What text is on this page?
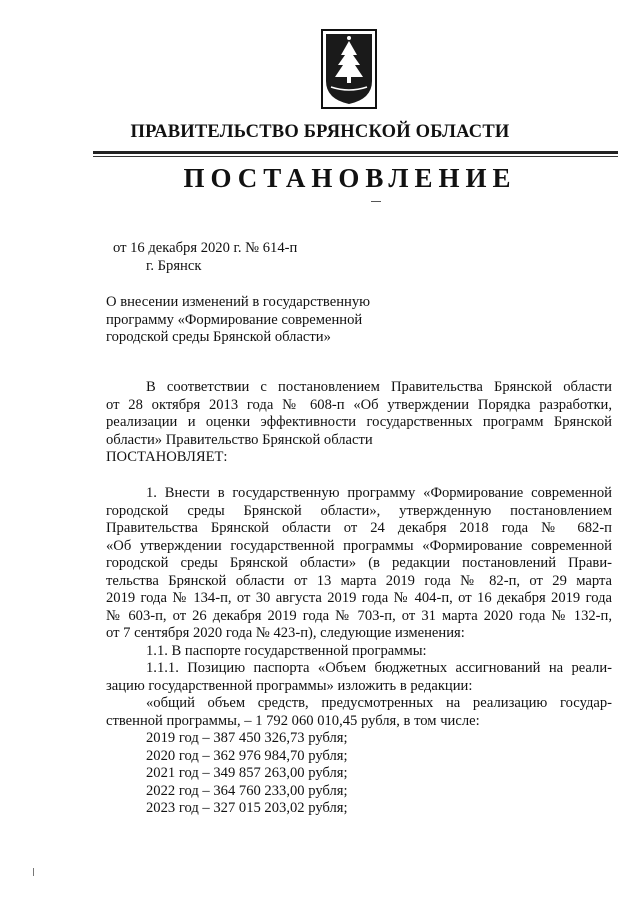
ПРАВИТЕЛЬСТВО БРЯНСКОЙ ОБЛАСТИ
ПОСТАНОВЛЕНИЕ
от 16 декабря 2020 г. № 614-п
г. Брянск
О внесении изменений в государственную
программу «Формирование современной
городской среды Брянской области»
В соответствии с постановлением Правительства Брянской области
от 28 октября 2013 года № 608-п «Об утверждении Порядка разработки,
реализации и оценки эффективности государственных программ Брянской
области» Правительство Брянской области
ПОСТАНОВЛЯЕТ:
1. Внести в государственную программу «Формирование современной
городской среды Брянской области», утвержденную постановлением
Правительства Брянской области от 24 декабря 2018 года № 682-п
«Об утверждении государственной программы «Формирование современной
городской среды Брянской области» (в редакции постановлений Прави-
тельства Брянской области от 13 марта 2019 года № 82-п, от 29 марта
2019 года № 134-п, от 30 августа 2019 года № 404-п, от 16 декабря 2019 года
№ 603-п, от 26 декабря 2019 года № 703-п, от 31 марта 2020 года № 132-п,
от 7 сентября 2020 года № 423-п), следующие изменения:
1.1. В паспорте государственной программы:
1.1.1. Позицию паспорта «Объем бюджетных ассигнований на реали-
зацию государственной программы» изложить в редакции:
«общий объем средств, предусмотренных на реализацию государ-
ственной программы, – 1 792 060 010,45 рубля, в том числе:
2019 год – 387 450 326,73 рубля;
2020 год – 362 976 984,70 рубля;
2021 год – 349 857 263,00 рубля;
2022 год – 364 760 233,00 рубля;
2023 год – 327 015 203,02 рубля;
